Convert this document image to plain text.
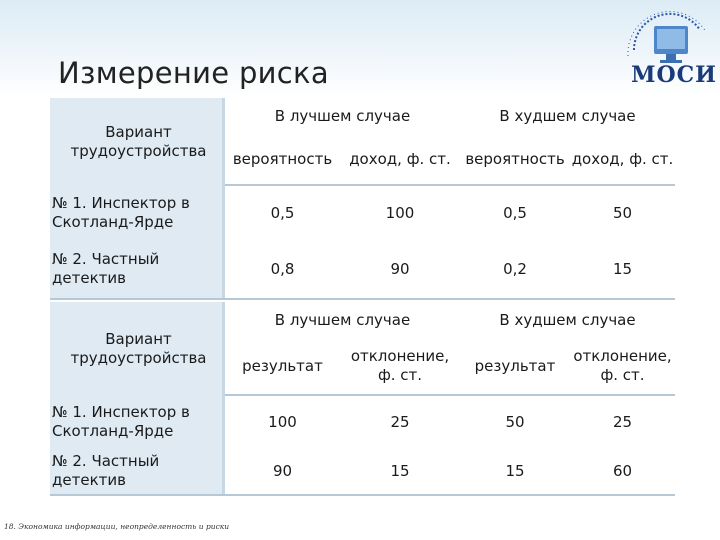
Измерение риска	МОСИ
Вариант трудоустройства	В лучшем случае		В худшем случае	
	вероятность	доход, ф. ст.	вероятность	доход, ф. ст.
№ 1. Инспектор в Скотланд-Ярде	0,5	100	0,5	50
№ 2. Частный детектив	0,8	90	0,2	15
Вариант трудоустройства	В лучшем случае		В худшем случае	
	результат	отклонение, ф. ст.	результат	отклонение, ф. ст.
№ 1. Инспектор в Скотланд-Ярде	100	25	50	25
№ 2. Частный детектив	90	15	15	60
18. Экономика информации, неопределенность и риски
